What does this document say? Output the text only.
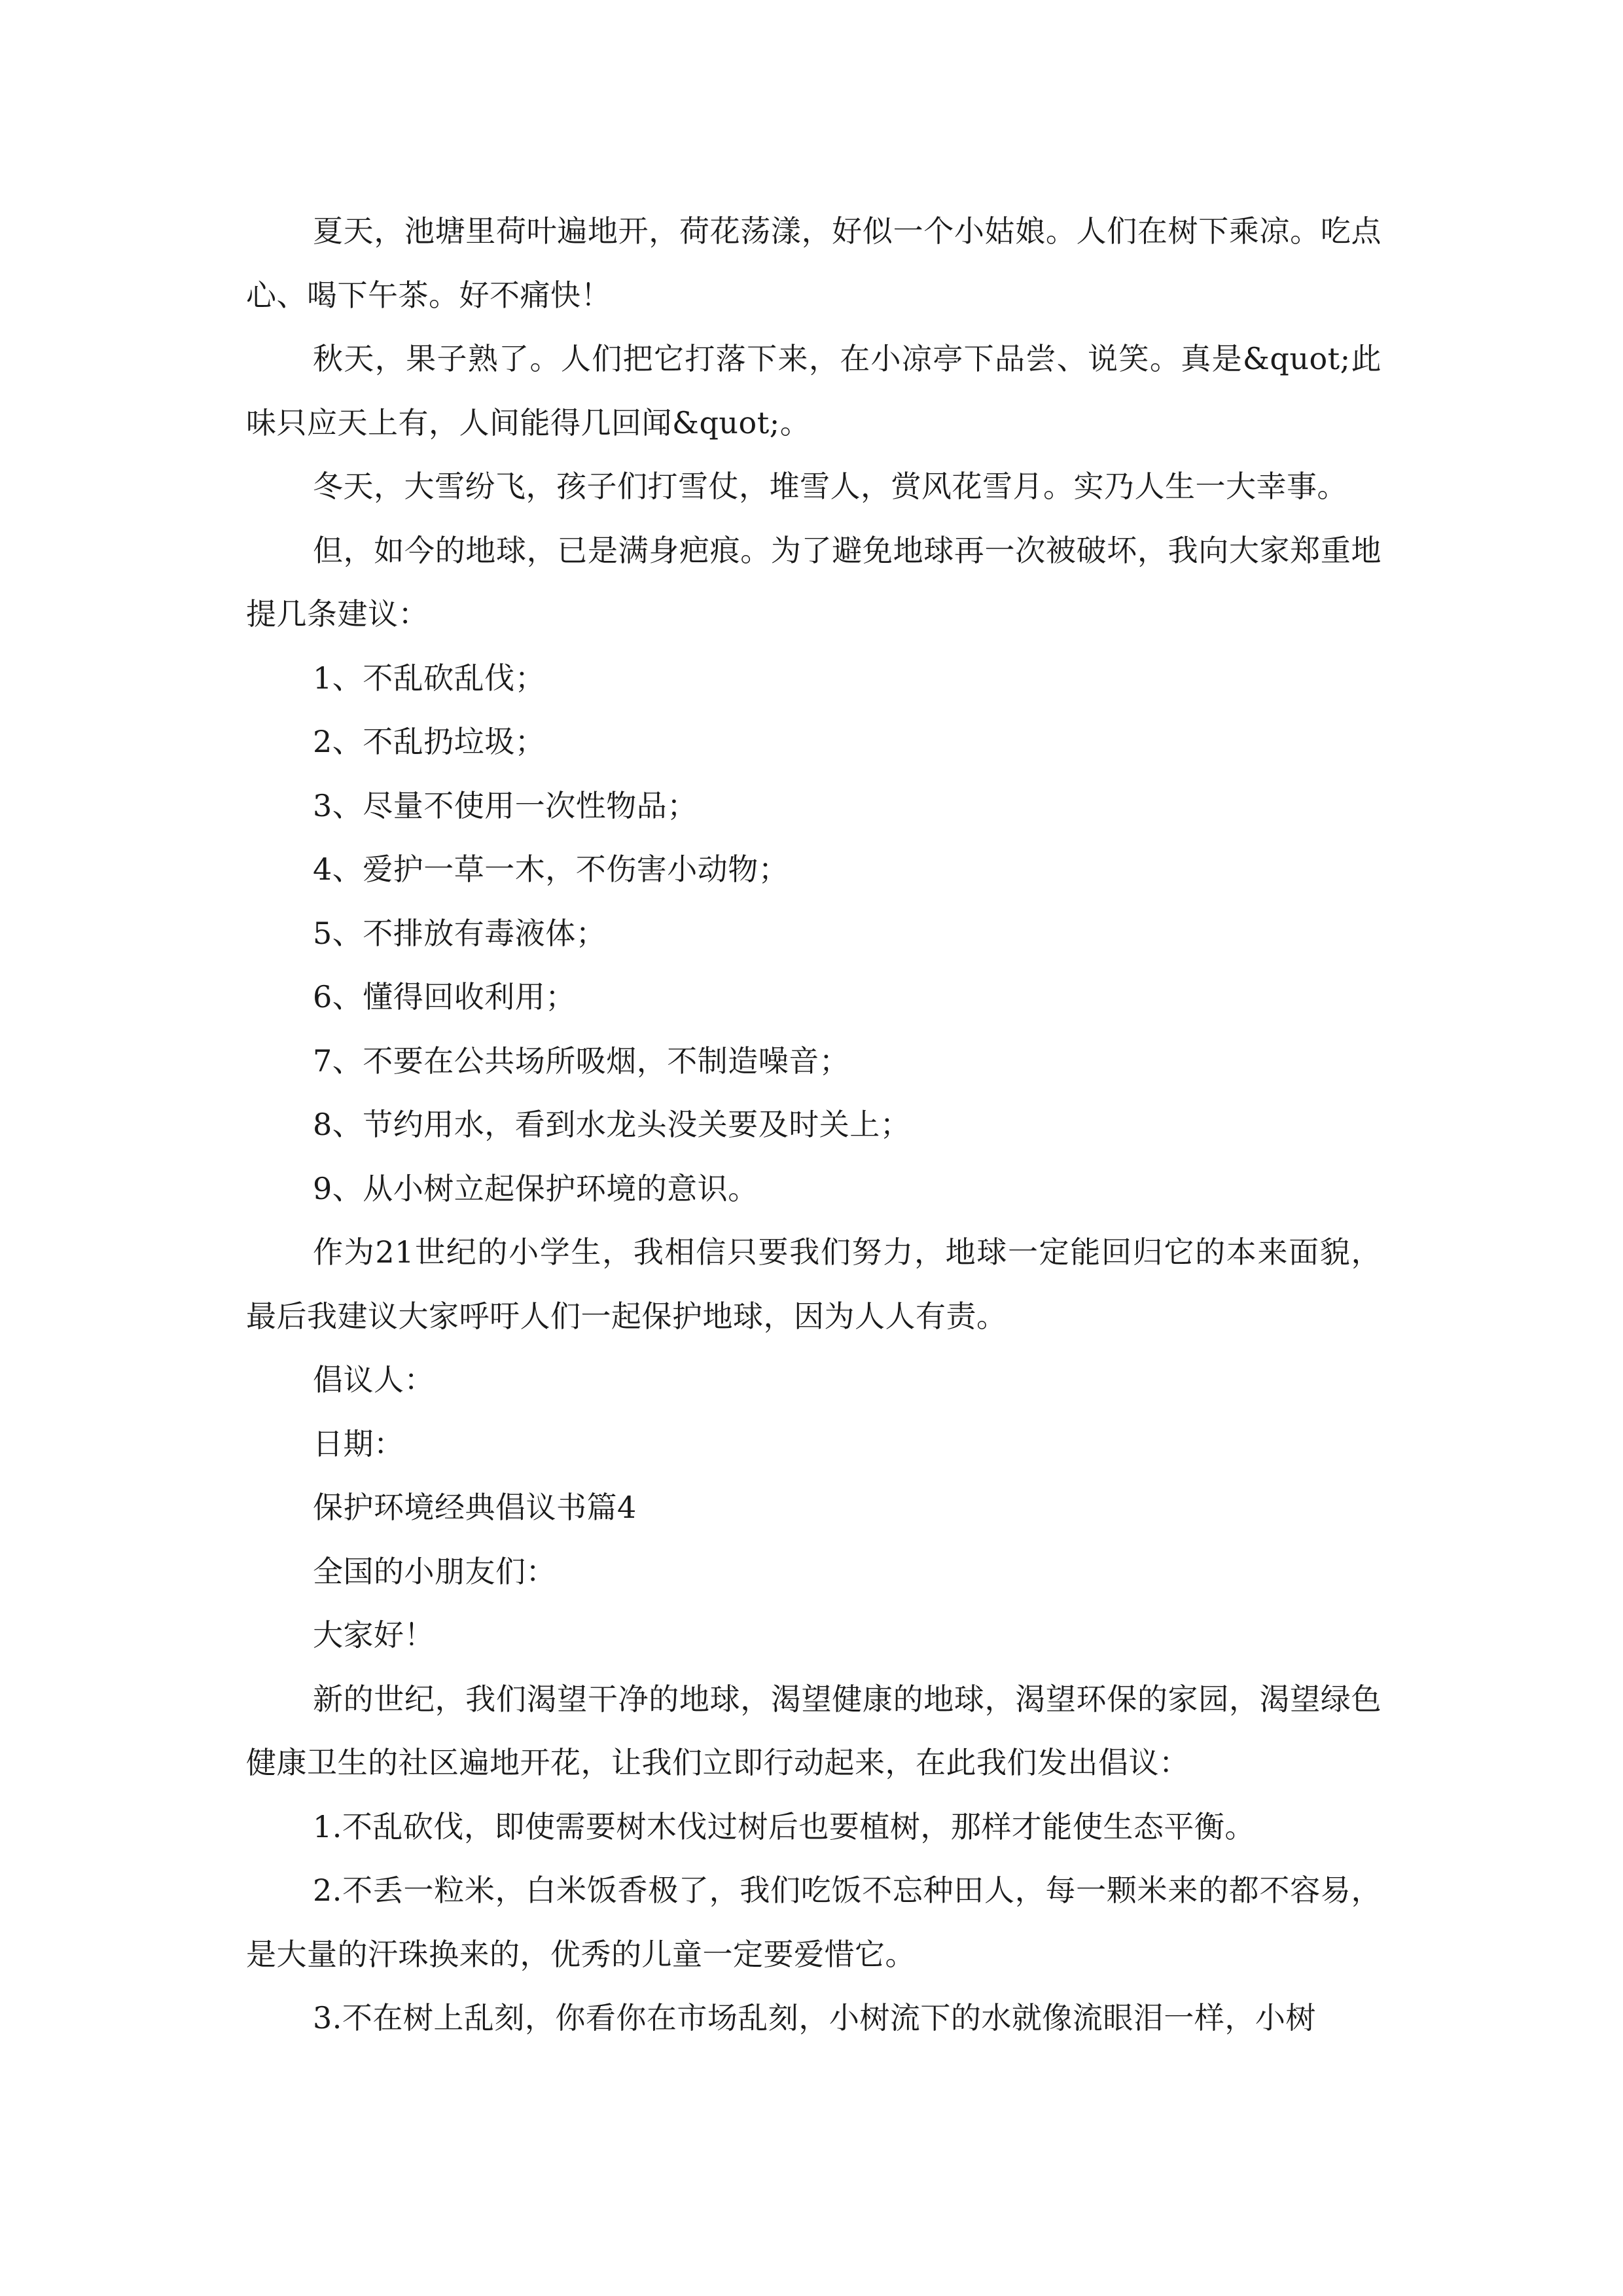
夏天，池塘里荷叶遍地开，荷花荡漾，好似一个小姑娘。人们在树下乘凉。吃点心、喝下午茶。好不痛快！

秋天，果子熟了。人们把它打落下来，在小凉亭下品尝、说笑。真是&quot;此味只应天上有，人间能得几回闻&quot;。

冬天，大雪纷飞，孩子们打雪仗，堆雪人，赏风花雪月。实乃人生一大幸事。

但，如今的地球，已是满身疤痕。为了避免地球再一次被破坏，我向大家郑重地提几条建议：

1、不乱砍乱伐；

2、不乱扔垃圾；

3、尽量不使用一次性物品；

4、爱护一草一木，不伤害小动物；

5、不排放有毒液体；

6、懂得回收利用；

7、不要在公共场所吸烟，不制造噪音；

8、节约用水，看到水龙头没关要及时关上；

9、从小树立起保护环境的意识。

作为21世纪的小学生，我相信只要我们努力，地球一定能回归它的本来面貌，最后我建议大家呼吁人们一起保护地球，因为人人有责。

倡议人：

日期：

保护环境经典倡议书篇4

全国的小朋友们：

大家好！

新的世纪，我们渴望干净的地球，渴望健康的地球，渴望环保的家园，渴望绿色健康卫生的社区遍地开花，让我们立即行动起来，在此我们发出倡议：

1.不乱砍伐，即使需要树木伐过树后也要植树，那样才能使生态平衡。

2.不丢一粒米，白米饭香极了，我们吃饭不忘种田人，每一颗米来的都不容易，是大量的汗珠换来的，优秀的儿童一定要爱惜它。

3.不在树上乱刻，你看你在市场乱刻，小树流下的水就像流眼泪一样，小树
